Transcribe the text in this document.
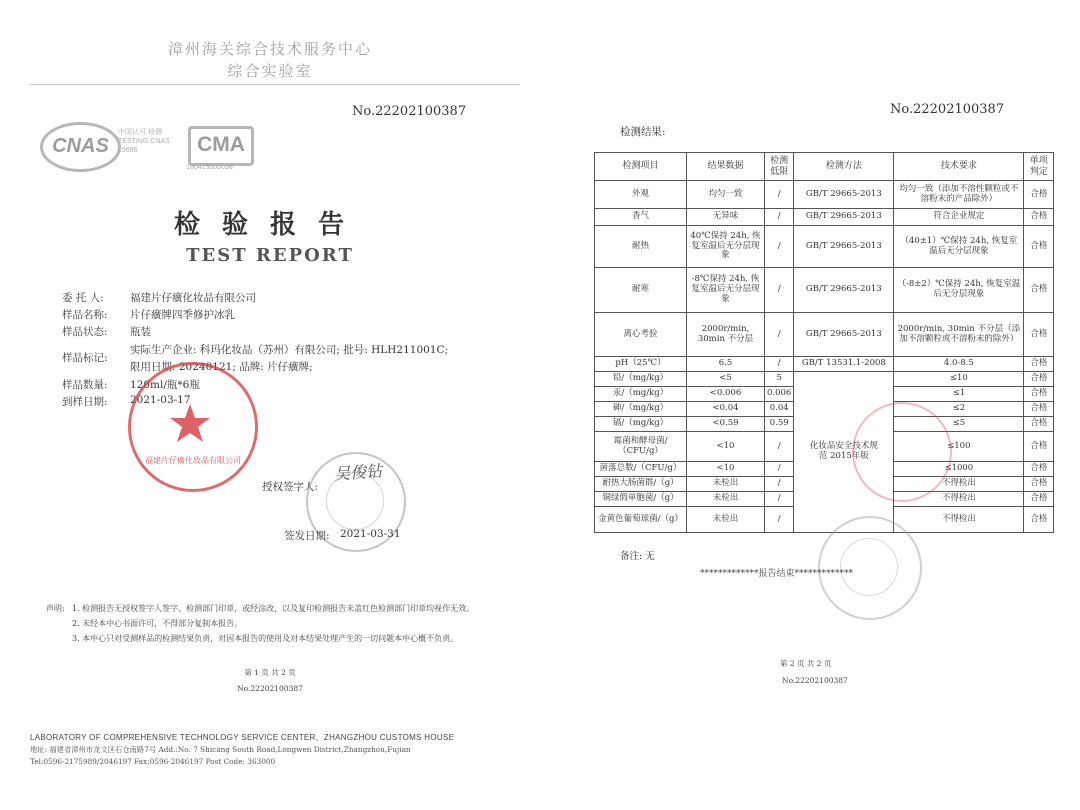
漳州海关综合技术服务中心
综合实验室
No.22202100387
CNAS
中国认可 检测 TESTING CNAS L9696	CMA
160413060038
检验报告
TEST REPORT
委 托 人:	福建片仔癀化妆品有限公司
样品名称: 片仔癀牌四季修护冰乳
样品状态: 瓶装
样品标记:
实际生产企业: 科玛化妆品（苏州）有限公司; 批号: HLH211001C;
限用日期: 20240121; 品牌: 片仔癀牌;
样品数量: 120ml/瓶*6瓶
到样日期: 2021-03-17
福建片仔癀化妆品有限公司
授权签字人:
吴俊钻
签发日期: 2021-03-31
声明: 1. 检测报告无授权签字人签字、检测部门印章，或经涂改，以及复印检测报告未盖红色检测部门印章均视作无效。
2. 未经本中心书面许可，不得部分复制本报告。
3. 本中心只对受测样品的检测结果负责，对因本报告的使用及对本结果处理产生的一切问题本中心概不负责。
第 1 页 共 2 页
No.22202100387
LABORATORY OF COMPREHENSIVE TECHNOLOGY SERVICE CENTER，ZHANGZHOU CUSTOMS HOUSE
地址: 福建省漳州市龙文区石仓南路7号 Add.:No. 7 Shicang South Road,Longwen District,Zhangzhou,Fujian
Tel:0596-2175989/2046197 Fax:0596-2046197 Post Code: 363000
No.22202100387
检测结果:
检测项目	结果数据	检测低限	检测方法	技术要求	单项判定
外观	均匀一致	/	GB/T 29665-2013	均匀一致（添加不溶性颗粒或不溶粉末的产品除外）	合格
香气	无异味	/	GB/T 29665-2013	符合企业规定	合格
耐热	40℃保持 24h, 恢复室温后无分层现象	/	GB/T 29665-2013	（40±1）℃保持 24h, 恢复室温后无分层现象	合格
耐寒	-8℃保持 24h, 恢复室温后无分层现象	/	GB/T 29665-2013	（-8±2）℃保持 24h, 恢复室温后无分层现象	合格
离心考验	2000r/min, 30min 不分层	/	GB/T 29665-2013	2000r/min, 30min 不分层（添加不溶颗粒或不溶粉末的除外）	合格
pH（25℃）	6.5	/	GB/T 13531.1-2008	4.0-8.5	合格
铅/（mg/kg）	<5	5	化妆品安全技术规范 2015年版	≤10	合格
汞/（mg/kg）	<0.006	0.006		≤1	合格
砷/（mg/kg）	<0.04	0.04		≤2	合格
镉/（mg/kg）	<0.59	0.59		≤5	合格
霉菌和酵母菌/（CFU/g）	<10	/		≤100	合格
菌落总数/（CFU/g）	<10	/		≤1000	合格
耐热大肠菌群/（g）	未检出	/		不得检出	合格
铜绿假单胞菌/（g）	未检出	/		不得检出	合格
金黄色葡萄球菌/（g）	未检出	/		不得检出	合格
备注: 无
*************报告结束*************
第 2 页 共 2 页
No.22202100387
